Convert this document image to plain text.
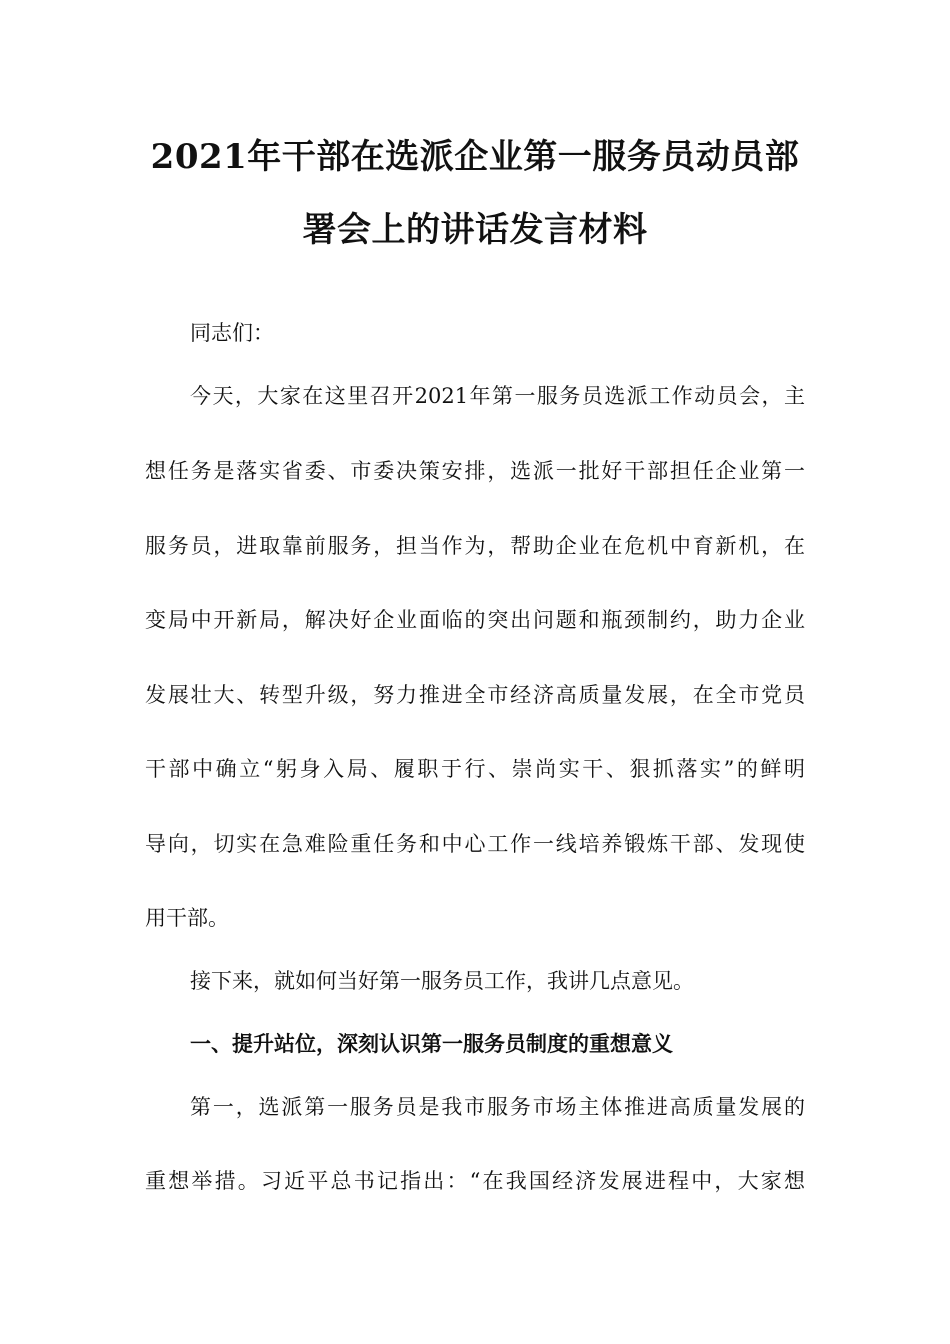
2021年干部在选派企业第一服务员动员部
署会上的讲话发言材料
同志们：
今天，大家在这里召开2021年第一服务员选派工作动员会，主
想任务是落实省委、市委决策安排，选派一批好干部担任企业第一
服务员，进取靠前服务，担当作为，帮助企业在危机中育新机，在
变局中开新局，解决好企业面临的突出问题和瓶颈制约，助力企业
发展壮大、转型升级，努力推进全市经济高质量发展，在全市党员
干部中确立“躬身入局、履职于行、崇尚实干、狠抓落实”的鲜明
导向，切实在急难险重任务和中心工作一线培养锻炼干部、发现使
用干部。
接下来，就如何当好第一服务员工作，我讲几点意见。
一、提升站位，深刻认识第一服务员制度的重想意义
第一，选派第一服务员是我市服务市场主体推进高质量发展的
重想举措。习近平总书记指出：“在我国经济发展进程中，大家想
